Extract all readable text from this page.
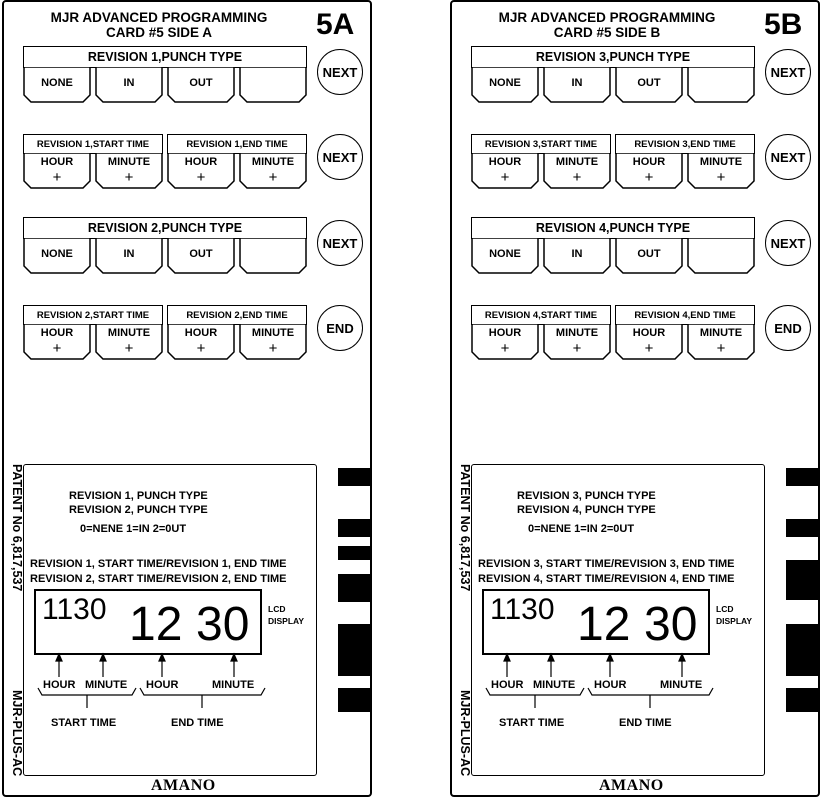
MJR ADVANCED PROGRAMMING
CARD #5 SIDE A	5A
REVISION 1,PUNCH TYPE
NONE	IN	OUT
NEXT
REVISION 1,START TIME	REVISION 1,END TIME
HOUR
+
MINUTE
+
HOUR
+
MINUTE
+
NEXT
REVISION 2,PUNCH TYPE
NONE	IN	OUT
NEXT
REVISION 2,START TIME	REVISION 2,END TIME
HOUR
+
MINUTE
+
HOUR
+
MINUTE
+
END
PATENT No 6,817,537
MJR-PLUS-AC
REVISION 1, PUNCH TYPE
REVISION 2, PUNCH TYPE
0=NENE 1=IN 2=0UT
REVISION 1, START TIME/REVISION 1, END TIME
REVISION 2, START TIME/REVISION 2, END TIME
1130 12 30 LCD
DISPLAY
HOUR MINUTE HOUR	MINUTE
START TIME	END TIME
AMANO
MJR ADVANCED PROGRAMMING
CARD #5 SIDE B	5B
REVISION 3,PUNCH TYPE
NONE	IN	OUT
NEXT
REVISION 3,START TIME	REVISION 3,END TIME
HOUR
+
MINUTE
+
HOUR
+
MINUTE
+
NEXT
REVISION 4,PUNCH TYPE
NONE	IN	OUT
NEXT
REVISION 4,START TIME	REVISION 4,END TIME
HOUR
+
MINUTE
+
HOUR
+
MINUTE
+
END
PATENT No 6,817,537
MJR-PLUS-AC
REVISION 3, PUNCH TYPE
REVISION 4, PUNCH TYPE
0=NENE 1=IN 2=0UT
REVISION 3, START TIME/REVISION 3, END TIME
REVISION 4, START TIME/REVISION 4, END TIME
1130 12 30 LCD
DISPLAY
HOUR MINUTE HOUR	MINUTE
START TIME	END TIME
AMANO
